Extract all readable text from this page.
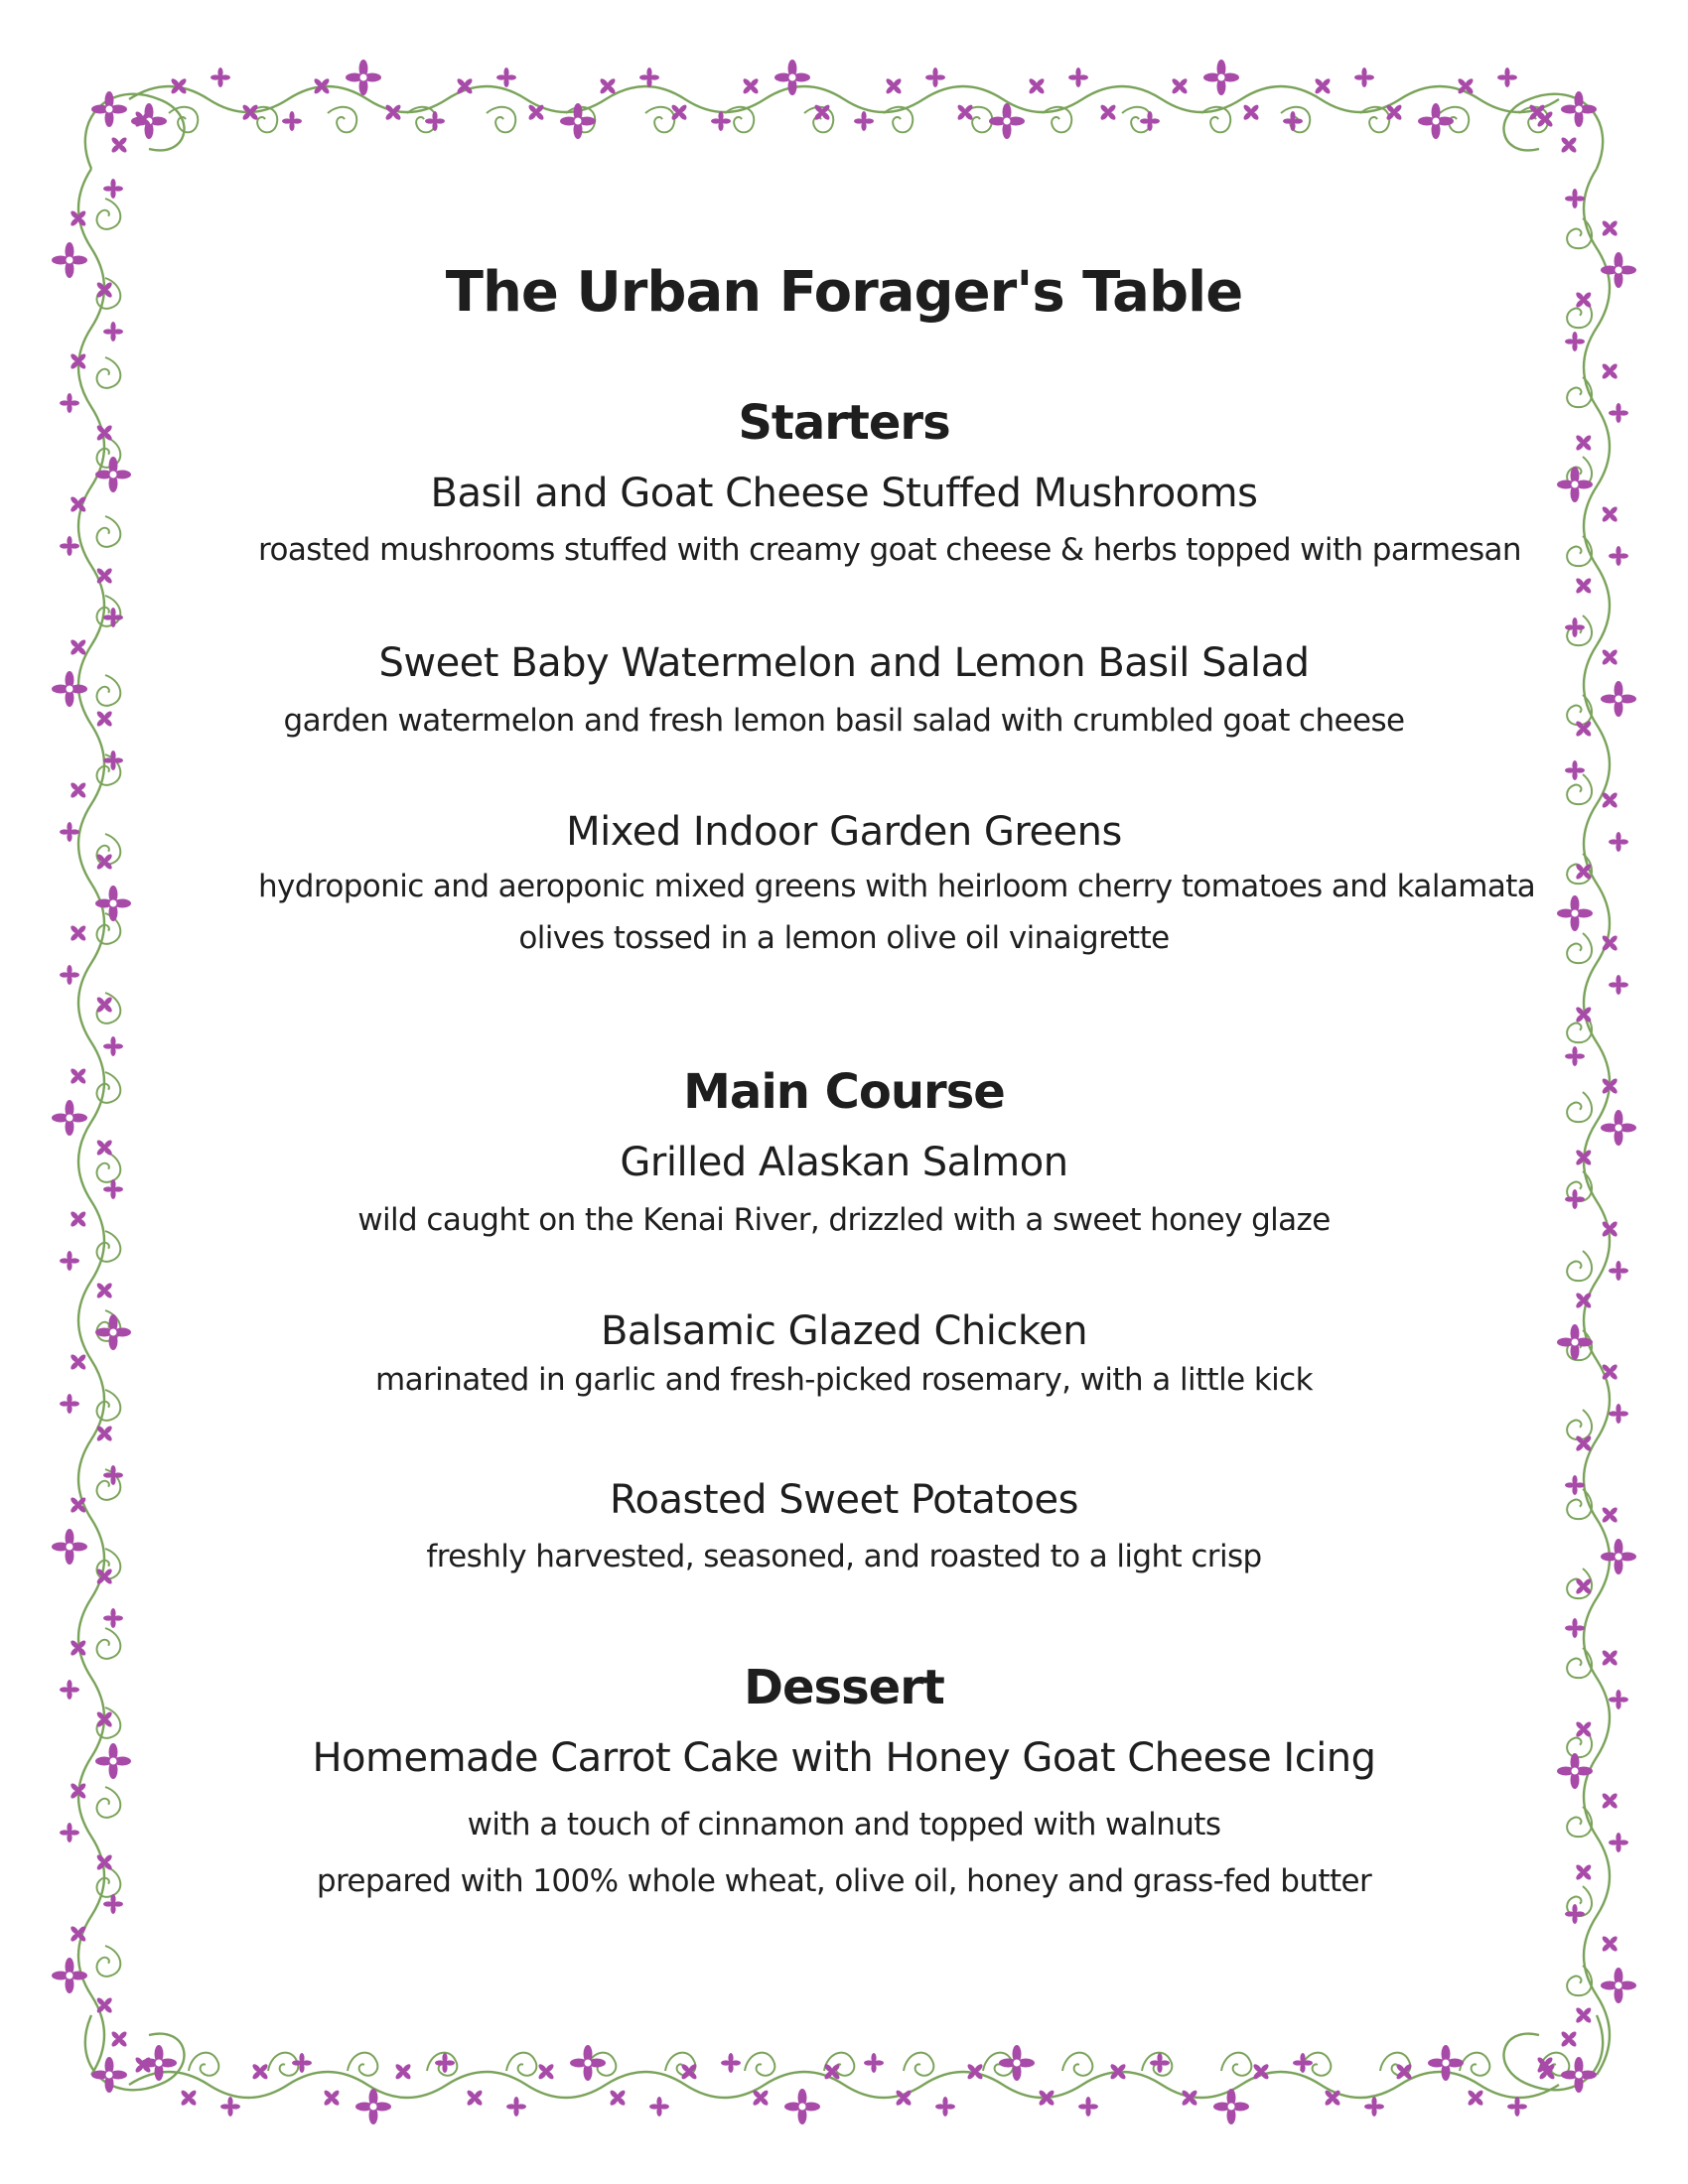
The Urban Forager's Table
Starters
Basil and Goat Cheese Stuffed Mushrooms
roasted mushrooms stuffed with creamy goat cheese & herbs topped with parmesan
Sweet Baby Watermelon and Lemon Basil Salad
garden watermelon and fresh lemon basil salad with crumbled goat cheese
Mixed Indoor Garden Greens
hydroponic and aeroponic mixed greens with heirloom cherry tomatoes and kalamata
olives tossed in a lemon olive oil vinaigrette
Main Course
Grilled Alaskan Salmon
wild caught on the Kenai River, drizzled with a sweet honey glaze
Balsamic Glazed Chicken
marinated in garlic and fresh-picked rosemary, with a little kick
Roasted Sweet Potatoes
freshly harvested, seasoned, and roasted to a light crisp
Dessert
Homemade Carrot Cake with Honey Goat Cheese Icing
with a touch of cinnamon and topped with walnuts
prepared with 100% whole wheat, olive oil, honey and grass-fed butter
